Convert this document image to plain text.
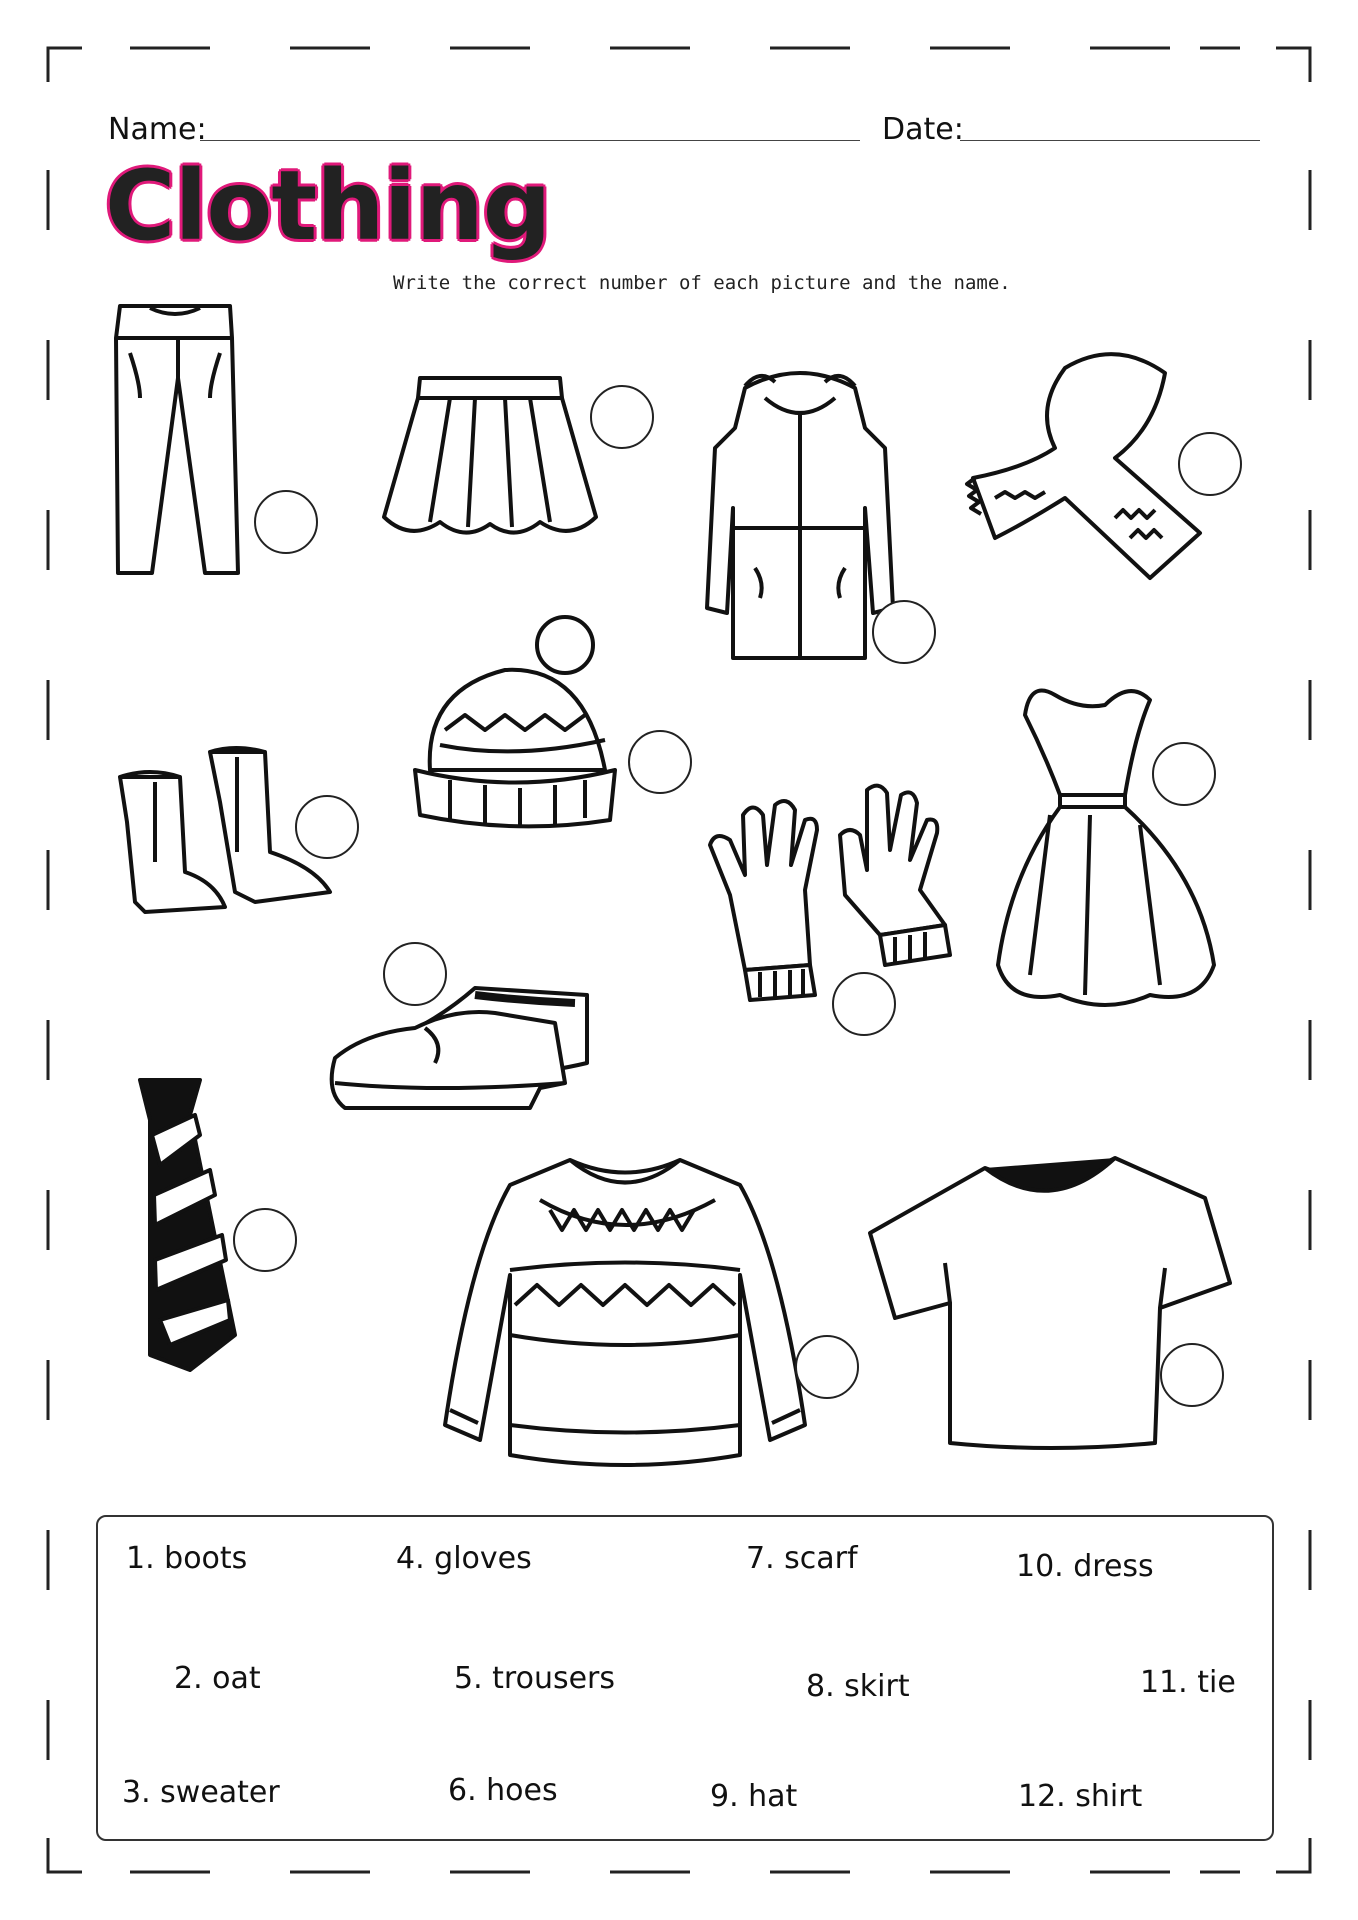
Name:	Date:
Clothing
Write the correct number of each picture and the name.
1. boots	4. gloves	7. scarf	10. dress
2. oat	5. trousers	8. skirt	11. tie
3. sweater	6. hoes	9. hat	12. shirt
